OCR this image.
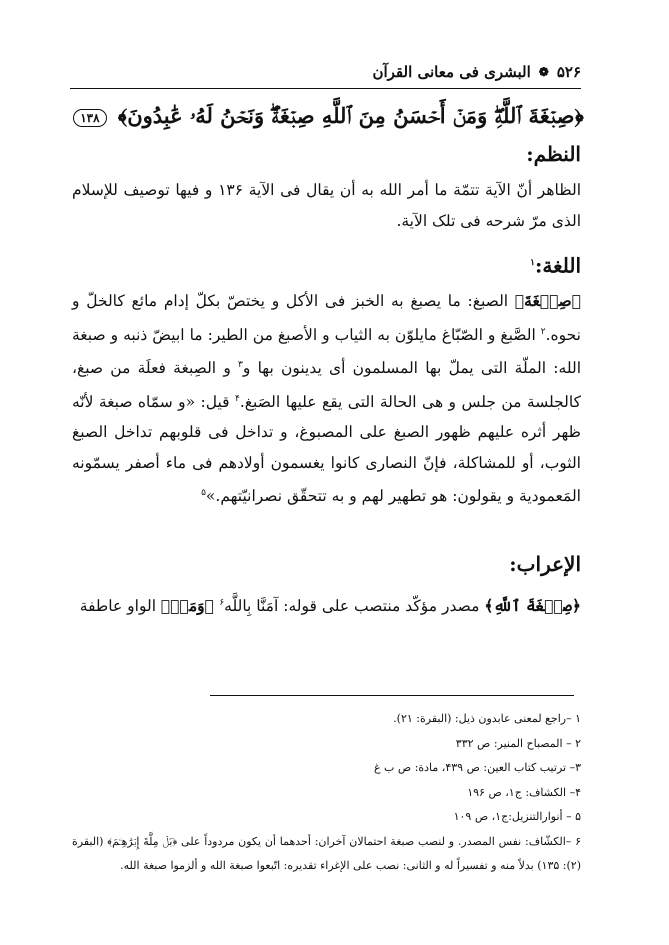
۵۲۶
❁
البشری فی معانی القرآن
﴿صِبۡغَةَ ٱللَّهِۖ وَمَنۡ أَحۡسَنُ مِنَ ٱللَّهِ صِبۡغَةٗۖ وَنَحۡنُ لَهُۥ عَٰبِدُونَ﴾ ۱۳۸
النظم:
الظاهر أنّ الآیة تتمّة ما أمر الله به أن یقال فی الآیة ۱۳۶ و فیها توصیف للإسلام الذی مرّ شرحه فی تلک الآیة.
اللغة:$^۱$
﴿صِبۡغَةَ﴾ الصبغ: ما یصبغ به الخبز فی الأکل و یختصّ بکلّ إدام مائع کالخلّ و نحوه.$^۲$ الصَّبغ و الصّبّاغ مایلوّن به الثیاب و الأصبغ من الطیر: ما ابیضّ ذنبه و صبغة الله: الملّة التی یملّ بها المسلمون أی یدینون بها و$^۳$ و الصِبغة فعلَة من صبغ، کالجلسة من جلس و هی الحالة التی یقع علیها الصَبغ.$^۴$ قیل: «و سمّاه صبغة لأنّه ظهر أثره علیهم ظهور الصبغ علی المصبوغ، و تداخل فی قلوبهم تداخل الصبغ الثوب، أو للمشاکلة، فإنّ النصاری کانوا یغسمون أولادهم فی ماء أصفر یسمّونه المَعمودیة و یقولون: هو تطهیر لهم و به تتحقّق نصرانیّتهم.»$^۵$
الإعراب:
﴿صِبۡغَةَ ٱللَّهِ﴾ مصدر مؤکّد منتصب علی قوله: آمَنَّا بِاللَّه$^۶$ ﴿وَمَنۡ﴾ الواو عاطفة
۱ –راجع لمعنی عابدون ذیل: (البقرة: ۲۱).
۲ – المصباح المنیر: ص ۳۳۲
۳– ترتیب کتاب العین: ص ۴۳۹، مادة: ص ب غ
۴– الکشاف: ج۱، ص ۱۹۶
۵ – أنوارالتنزیل:ج۱، ص ۱۰۹
۶ –الکشّاف: نفس المصدر. و لنصب صبغة احتمالان آخران: أحدهما أن یکون مردوداً علی ﴿بَلۡ مِلَّةَ إِبۡرَٰهِـۧمَ﴾ (البقرة (۲): ۱۳۵) بدلاً منه و تفسیراً له و الثانی: نصب علی الإغراء تقدیره: اتّبعوا صبغة الله و ألزموا صبغة الله.
